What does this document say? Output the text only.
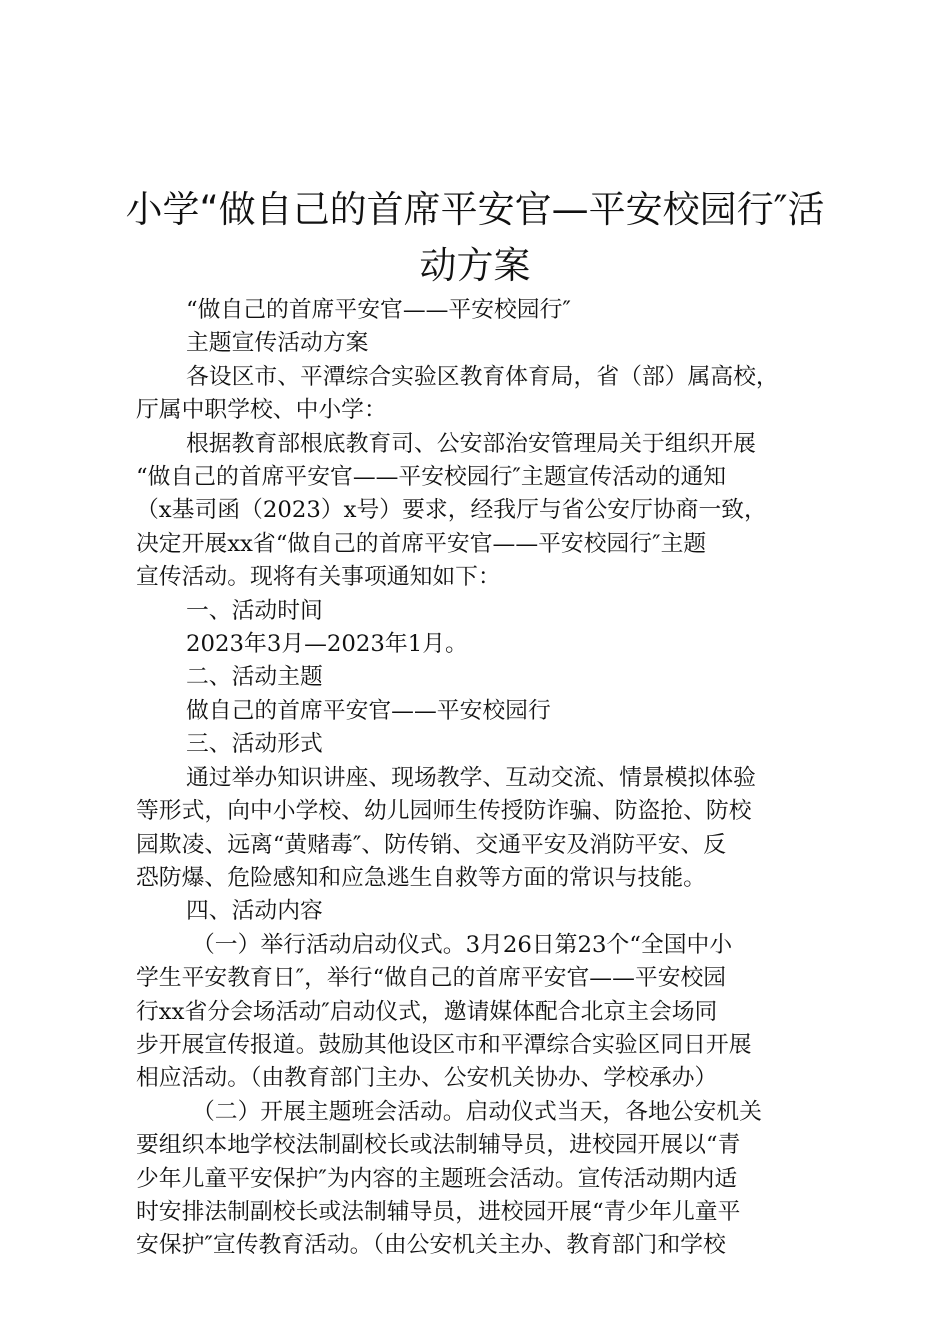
小学“做自己的首席平安官—平安校园行″活
动方案

“做自己的首席平安官——平安校园行″

主题宣传活动方案

各设区市、平潭综合实验区教育体育局，省（部）属高校，

厅属中职学校、中小学：

根据教育部根底教育司、公安部治安管理局关于组织开展

“做自己的首席平安官——平安校园行″主题宣传活动的通知

（x基司函（2023）x号）要求，经我厅与省公安厅协商一致，

决定开展xx省“做自己的首席平安官——平安校园行″主题

宣传活动。现将有关事项通知如下：

一、活动时间

2023年3月—2023年1月。

二、活动主题

做自己的首席平安官——平安校园行

三、活动形式

通过举办知识讲座、现场教学、互动交流、情景模拟体验

等形式，向中小学校、幼儿园师生传授防诈骗、防盗抢、防校

园欺凌、远离“黄赌毒″、防传销、交通平安及消防平安、反

恐防爆、危险感知和应急逃生自救等方面的常识与技能。

四、活动内容

（一）举行活动启动仪式。3月26日第23个“全国中小

学生平安教育日″，举行“做自己的首席平安官——平安校园

行xx省分会场活动″启动仪式，邀请媒体配合北京主会场同

步开展宣传报道。鼓励其他设区市和平潭综合实验区同日开展

相应活动。（由教育部门主办、公安机关协办、学校承办）

（二）开展主题班会活动。启动仪式当天，各地公安机关

要组织本地学校法制副校长或法制辅导员，进校园开展以“青

少年儿童平安保护″为内容的主题班会活动。宣传活动期内适

时安排法制副校长或法制辅导员，进校园开展“青少年儿童平

安保护″宣传教育活动。（由公安机关主办、教育部门和学校
